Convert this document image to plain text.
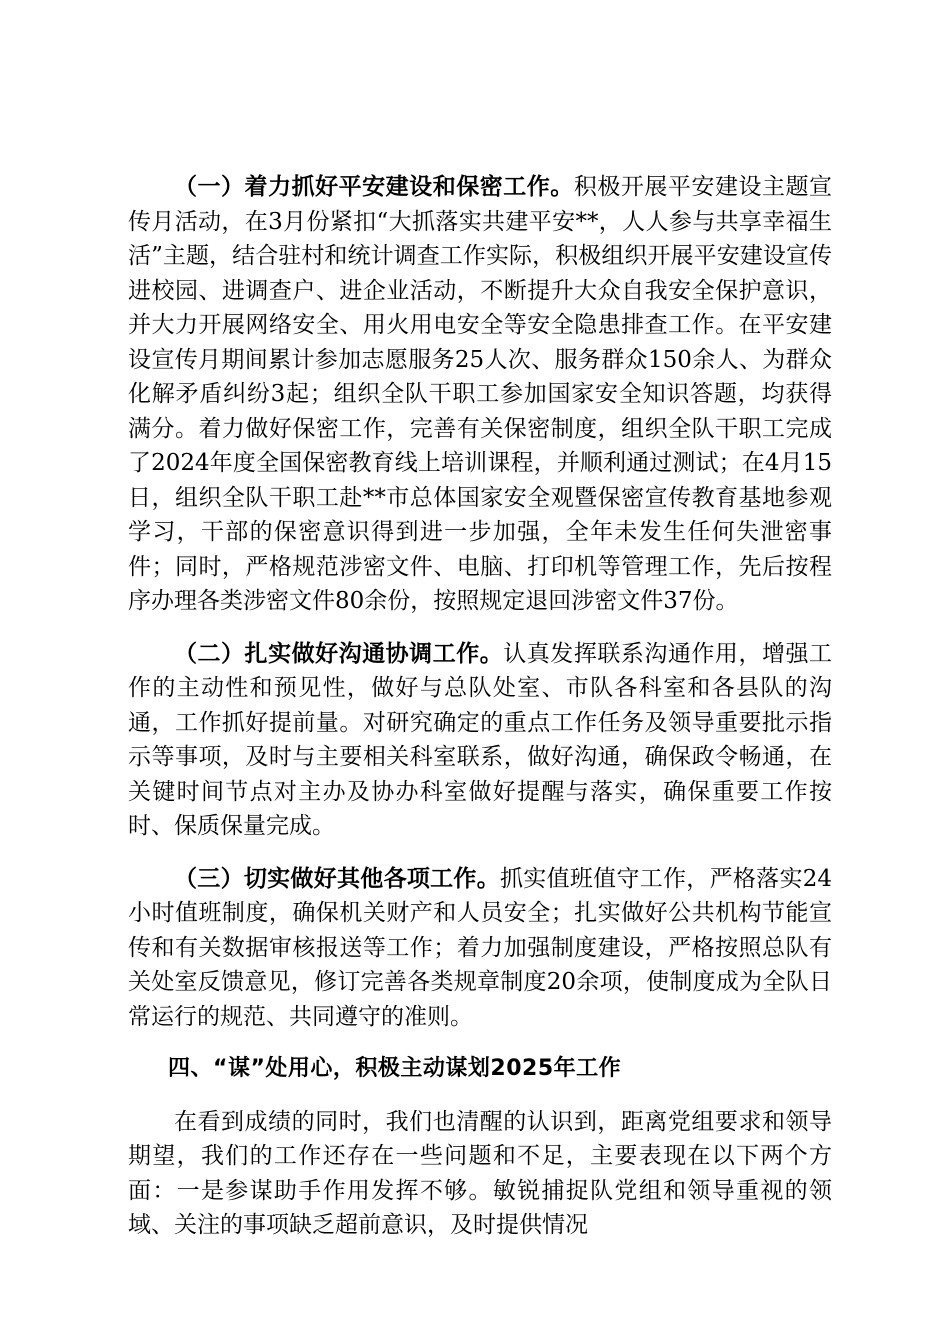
（一）着力抓好平安建设和保密工作。积极开展平安建设主题宣传月活动，在3月份紧扣“大抓落实共建平安**，人人参与共享幸福生活”主题，结合驻村和统计调查工作实际，积极组织开展平安建设宣传进校园、进调查户、进企业活动，不断提升大众自我安全保护意识，并大力开展网络安全、用火用电安全等安全隐患排查工作。在平安建设宣传月期间累计参加志愿服务25人次、服务群众150余人、为群众化解矛盾纠纷3起；组织全队干职工参加国家安全知识答题，均获得满分。着力做好保密工作，完善有关保密制度，组织全队干职工完成了2024年度全国保密教育线上培训课程，并顺利通过测试；在4月15日，组织全队干职工赴**市总体国家安全观暨保密宣传教育基地参观学习，干部的保密意识得到进一步加强，全年未发生任何失泄密事件；同时，严格规范涉密文件、电脑、打印机等管理工作，先后按程序办理各类涉密文件80余份，按照规定退回涉密文件37份。

（二）扎实做好沟通协调工作。认真发挥联系沟通作用，增强工作的主动性和预见性，做好与总队处室、市队各科室和各县队的沟通，工作抓好提前量。对研究确定的重点工作任务及领导重要批示指示等事项，及时与主要相关科室联系，做好沟通，确保政令畅通，在关键时间节点对主办及协办科室做好提醒与落实，确保重要工作按时、保质保量完成。

（三）切实做好其他各项工作。抓实值班值守工作，严格落实24小时值班制度，确保机关财产和人员安全；扎实做好公共机构节能宣传和有关数据审核报送等工作；着力加强制度建设，严格按照总队有关处室反馈意见，修订完善各类规章制度20余项，使制度成为全队日常运行的规范、共同遵守的准则。

四、“谋”处用心，积极主动谋划2025年工作

在看到成绩的同时，我们也清醒的认识到，距离党组要求和领导期望，我们的工作还存在一些问题和不足，主要表现在以下两个方面：一是参谋助手作用发挥不够。敏锐捕捉队党组和领导重视的领域、关注的事项缺乏超前意识，及时提供情况
